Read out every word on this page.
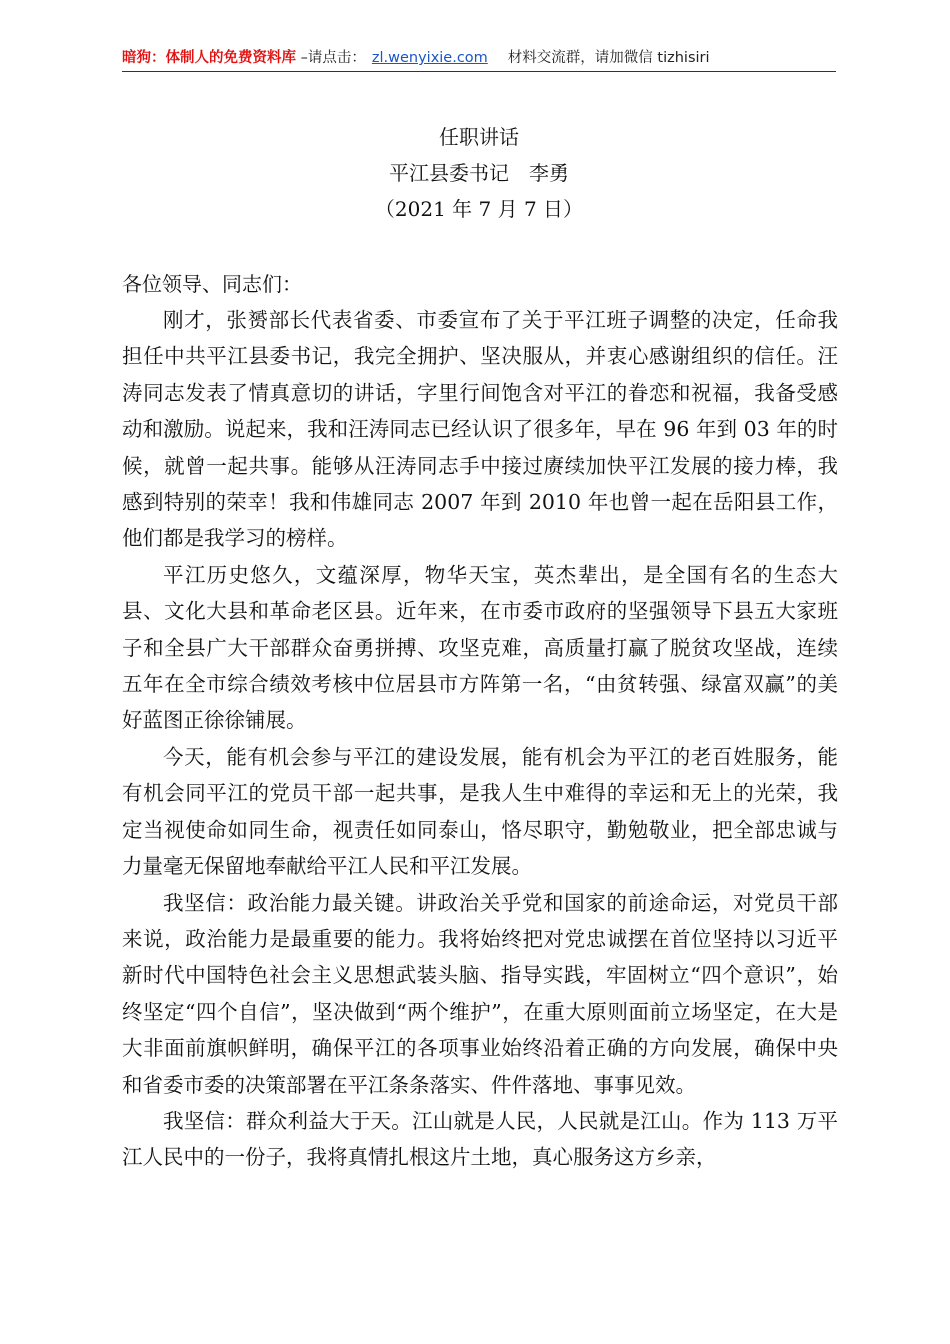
暗狗：体制人的免费资料库 –请点击： zl.wenyixie.com 材料交流群，请加微信 tizhisiri
任职讲话
平江县委书记 李勇
（2021 年 7 月 7 日）
各位领导、同志们：

刚才，张赟部长代表省委、市委宣布了关于平江班子调整的决定，任命我担任中共平江县委书记，我完全拥护、坚决服从，并衷心感谢组织的信任。汪涛同志发表了情真意切的讲话，字里行间饱含对平江的眷恋和祝福，我备受感动和激励。说起来，我和汪涛同志已经认识了很多年，早在 96 年到 03 年的时候，就曾一起共事。能够从汪涛同志手中接过赓续加快平江发展的接力棒，我感到特别的荣幸！我和伟雄同志 2007 年到 2010 年也曾一起在岳阳县工作，他们都是我学习的榜样。

平江历史悠久，文蕴深厚，物华天宝，英杰辈出，是全国有名的生态大县、文化大县和革命老区县。近年来，在市委市政府的坚强领导下县五大家班子和全县广大干部群众奋勇拼搏、攻坚克难，高质量打赢了脱贫攻坚战，连续五年在全市综合绩效考核中位居县市方阵第一名，“由贫转强、绿富双赢”的美好蓝图正徐徐铺展。

今天，能有机会参与平江的建设发展，能有机会为平江的老百姓服务，能有机会同平江的党员干部一起共事，是我人生中难得的幸运和无上的光荣，我定当视使命如同生命，视责任如同泰山，恪尽职守，勤勉敬业，把全部忠诚与力量毫无保留地奉献给平江人民和平江发展。

我坚信：政治能力最关键。讲政治关乎党和国家的前途命运，对党员干部来说，政治能力是最重要的能力。我将始终把对党忠诚摆在首位坚持以习近平新时代中国特色社会主义思想武装头脑、指导实践，牢固树立“四个意识”，始终坚定“四个自信”，坚决做到“两个维护”，在重大原则面前立场坚定，在大是大非面前旗帜鲜明，确保平江的各项事业始终沿着正确的方向发展，确保中央和省委市委的决策部署在平江条条落实、件件落地、事事见效。

我坚信：群众利益大于天。江山就是人民，人民就是江山。作为 113 万平江人民中的一份子，我将真情扎根这片土地，真心服务这方乡亲，
